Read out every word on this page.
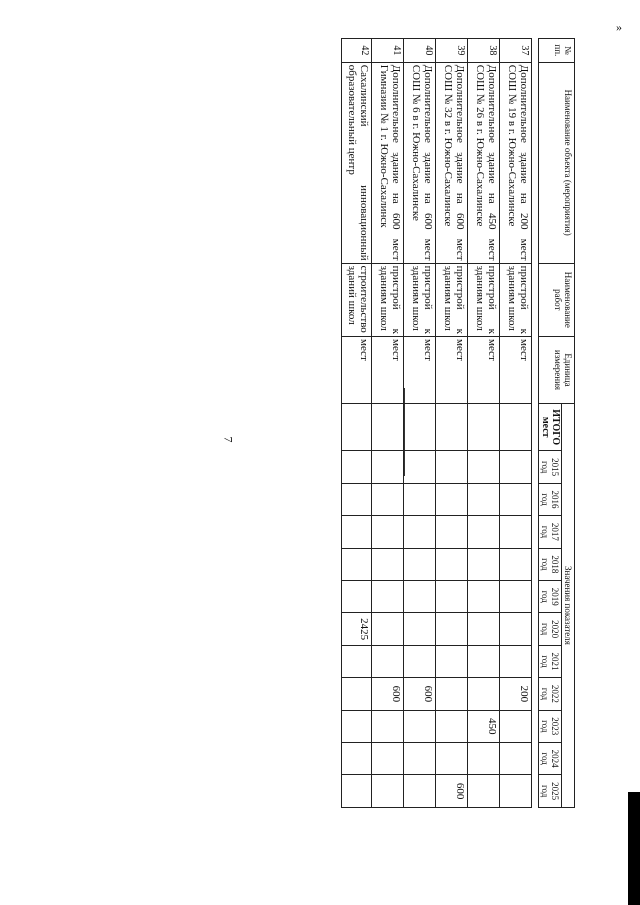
7
»
№ пп.	Наименование объекта (мероприятия)	Наименование работ	Единица измерения	Значения показателя											
				ИТОГО мест	2015 год	2016 год	2017 год	2018 год	2019 год	2020 год	2021 год	2022 год	2023 год	2024 год	2025 год

37	Дополнительное здание на 200 мест СОШ № 19 в г. Южно-Сахалинске	пристрой к зданиям школ	мест									200			
38	Дополнительное здание на 450 мест СОШ № 26 в г. Южно-Сахалинске	пристрой к зданиям школ	мест										450		
39	Дополнительное здание на 600 мест СОШ № 32 в г. Южно-Сахалинске	пристрой к зданиям школ	мест												600
40	Дополнительное здание на 600 мест СОШ № 6 в г. Южно-Сахалинске	пристрой к зданиям школ	мест									600			
41	Дополнительное здание на 600 мест Гимназии № 1 г. Южно-Сахалинск	пристрой к зданиям школ	мест									600			
42	Сахалинский инновационный образовательный центр	строительство зданий школ	мест							2425					
